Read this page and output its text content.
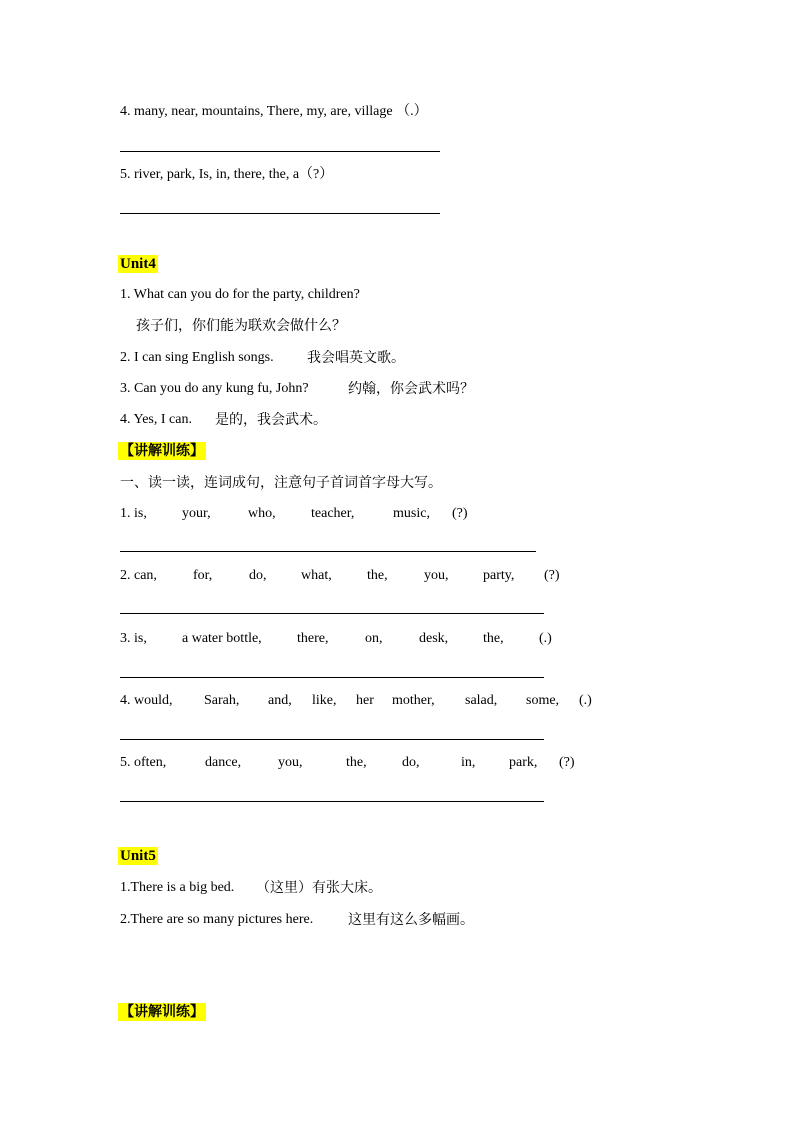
4. many, near, mountains, There, my, are, village （.）
5. river, park, Is, in, there, the, a（?）
Unit4
1. What can you do for the party, children?
孩子们，你们能为联欢会做什么？
2. I can sing English songs. 我会唱英文歌。
3. Can you do any kung fu, John?	约翰，你会武术吗？
4. Yes, I can. 是的，我会武术。
【讲解训练】
一、读一读，连词成句，注意句子首词首字母大写。
1. is,	your,	who,	teacher,	music, (?)
2. can,	for,	do, what,	the,	you, party, (?)
3. is,	a water bottle,	there,	on,	desk, the,	(.)
4. would, Sarah, and, like, her mother, salad, some, (.)
5. often,	dance,	you,	the,	do,	in, park, (?)
Unit5
1.There is a big bed. （这里）有张大床。
2.There are so many pictures here. 这里有这么多幅画。
【讲解训练】
